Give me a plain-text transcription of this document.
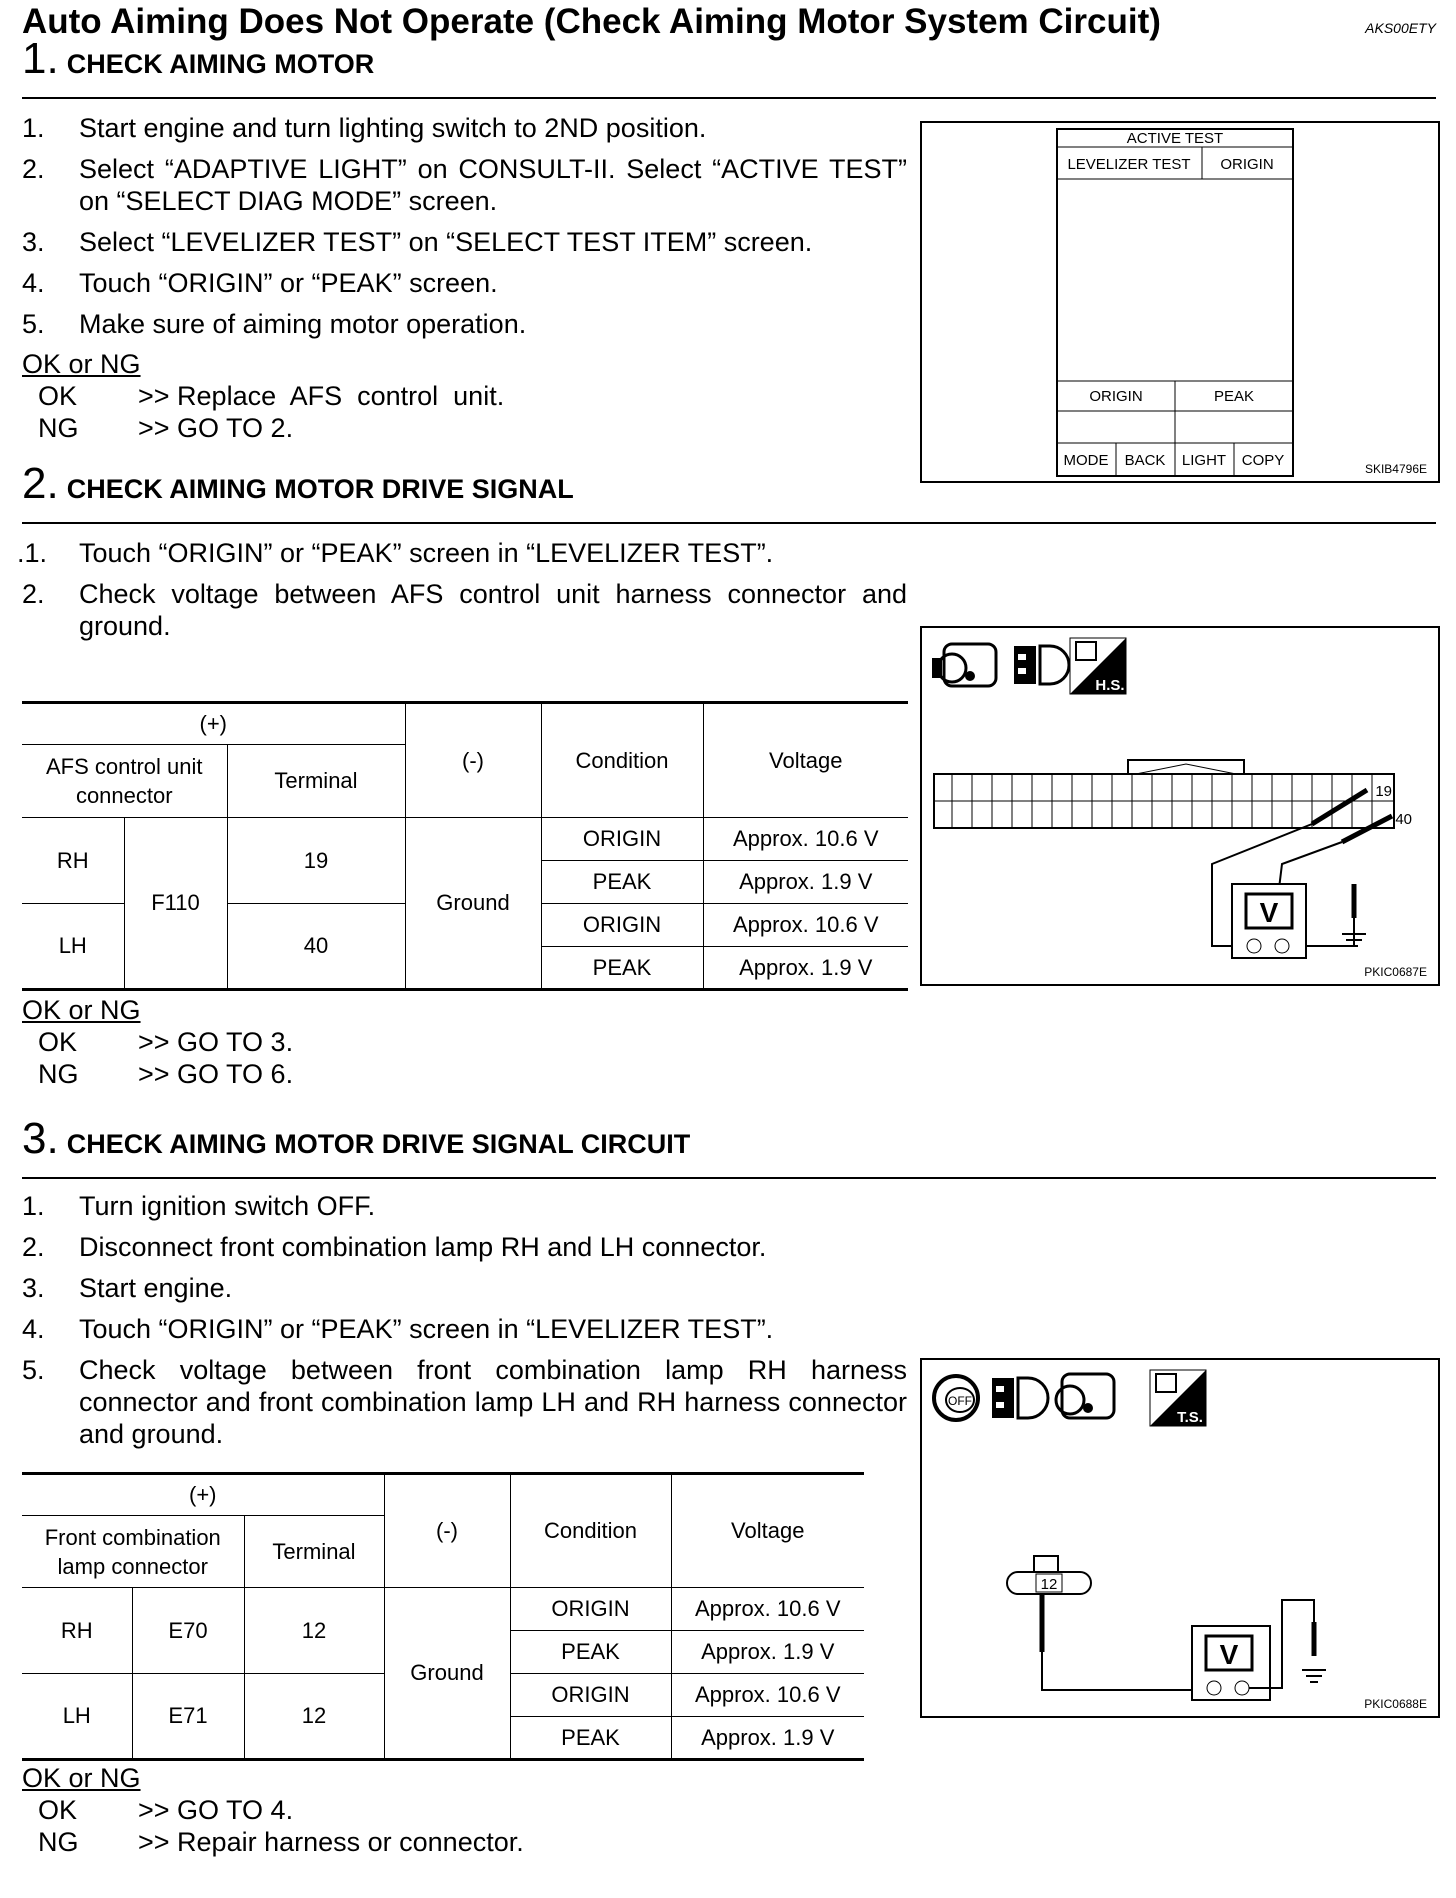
Auto Aiming Does Not Operate (Check Aiming Motor System Circuit)	AKS00ETY
1. CHECK AIMING MOTOR
1. Start engine and turn lighting switch to 2ND position.
2. Select “ADAPTIVE LIGHT” on CONSULT-II. Select “ACTIVE TEST” on “SELECT DIAG MODE” screen.
3. Select “LEVELIZER TEST” on “SELECT TEST ITEM” screen.
4. Touch “ORIGIN” or “PEAK” screen.
5. Make sure of aiming motor operation.
OK or NG
OK >> Replace  AFS  control  unit.
NG >> GO TO 2.
ACTIVE TEST
LEVELIZER TEST ORIGIN
ORIGIN	PEAK
MODE BACK LIGHT COPY	SKIB4796E
2. CHECK AIMING MOTOR DRIVE SIGNAL
.1. Touch “ORIGIN” or “PEAK” screen in “LEVELIZER TEST”.
2. Check voltage between AFS control unit harness connector and ground.
(+)			(-)	Condition	Voltage
AFS control unit connector		Terminal			
RH	F110	19	Ground	ORIGIN	Approx. 10.6 V
				PEAK	Approx. 1.9 V
LH		40		ORIGIN	Approx. 10.6 V
				PEAK	Approx. 1.9 V
H.S.
19
40
V
PKIC0687E
OK or NG
OK >> GO TO 3.
NG >> GO TO 6.
3. CHECK AIMING MOTOR DRIVE SIGNAL CIRCUIT
1. Turn ignition switch OFF.
2. Disconnect front combination lamp RH and LH connector.
3. Start engine.
4. Touch “ORIGIN” or “PEAK” screen in “LEVELIZER TEST”.
5. Check voltage between front combination lamp RH harness connector and front combination lamp LH and RH harness connector and ground.
(+)			(-)	Condition	Voltage
Front combination lamp connector		Terminal			
RH	E70	12	Ground	ORIGIN	Approx. 10.6 V
				PEAK	Approx. 1.9 V
LH	E71	12		ORIGIN	Approx. 10.6 V
				PEAK	Approx. 1.9 V
OFF
T.S.
12
V
PKIC0688E
OK or NG
OK >> GO TO 4.
NG >> Repair harness or connector.
